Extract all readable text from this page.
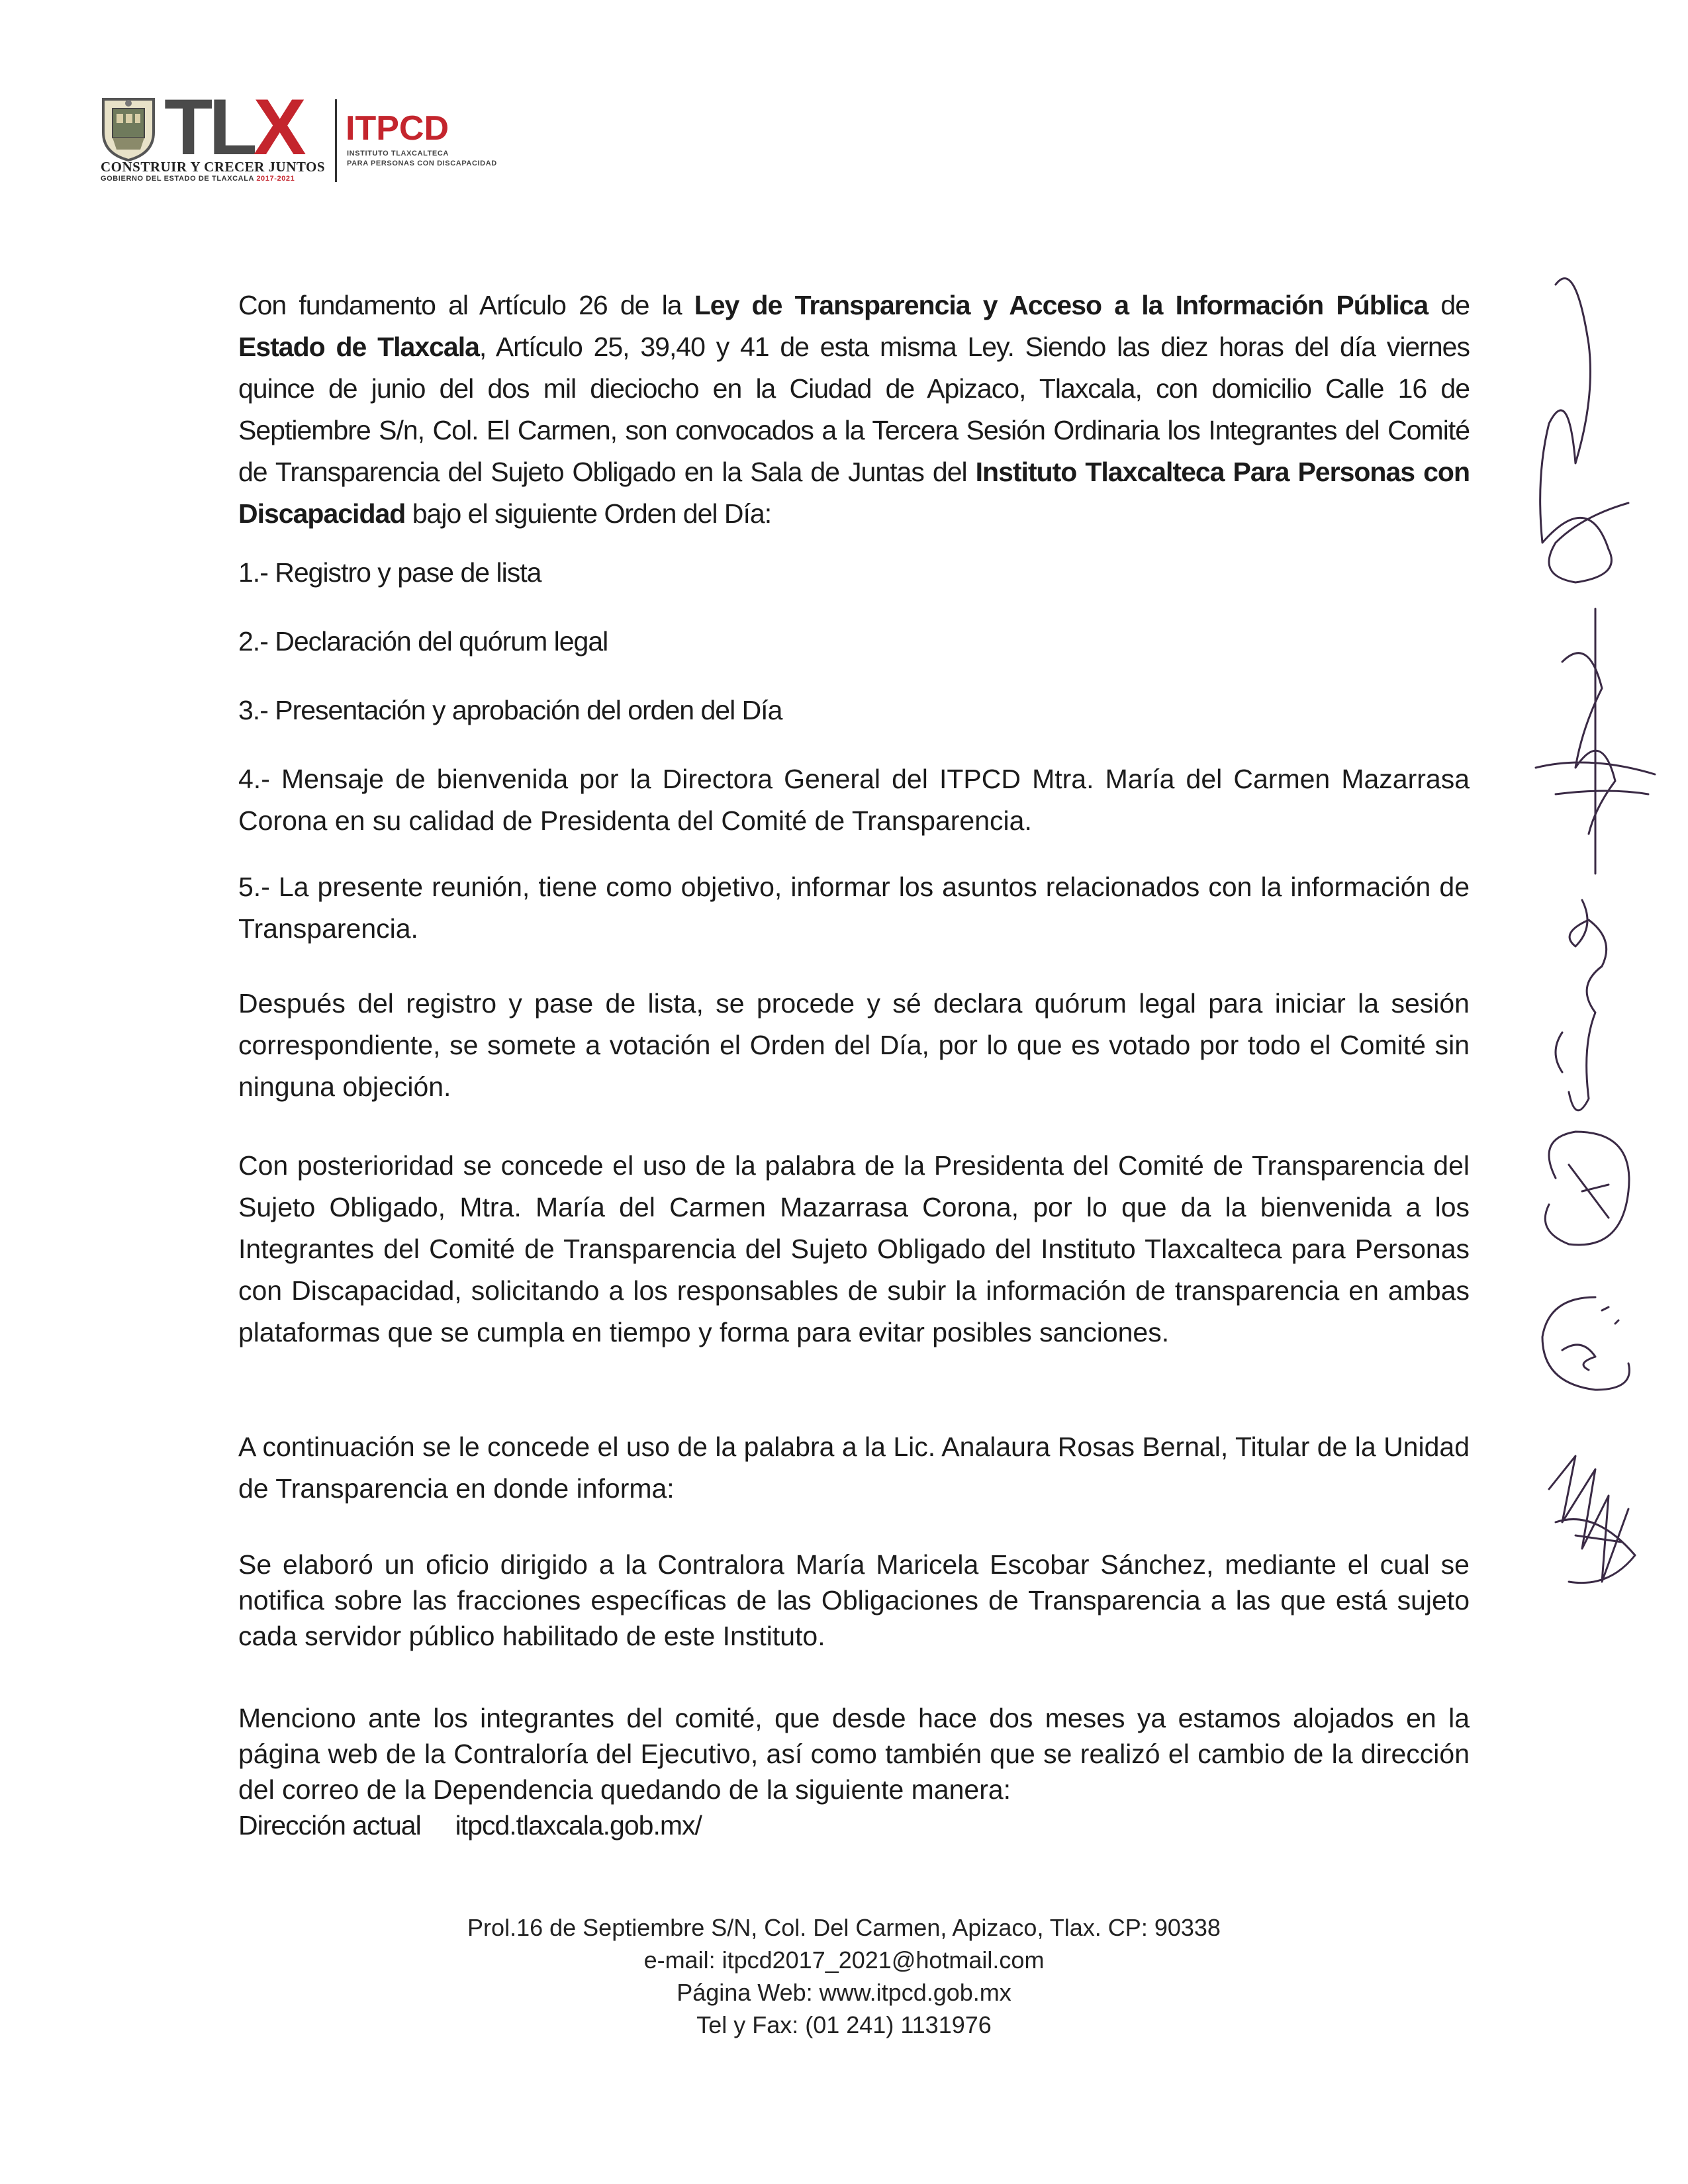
TLX
CONSTRUIR Y CRECER JUNTOS
GOBIERNO DEL ESTADO DE TLAXCALA 2017-2021
ITPCD
INSTITUTO TLAXCALTECA
PARA PERSONAS CON DISCAPACIDAD

Con fundamento al Artículo 26 de la Ley de Transparencia y Acceso a la Información Pública de Estado de Tlaxcala, Artículo 25, 39,40 y 41 de esta misma Ley. Siendo las diez horas del día viernes quince de junio del dos mil dieciocho en la Ciudad de Apizaco, Tlaxcala, con domicilio Calle 16 de Septiembre S/n, Col. El Carmen, son convocados a la Tercera Sesión Ordinaria los Integrantes del Comité de Transparencia del Sujeto Obligado en la Sala de Juntas del Instituto Tlaxcalteca Para Personas con Discapacidad bajo el siguiente Orden del Día:

1.- Registro y pase de lista

2.- Declaración del quórum legal

3.- Presentación y aprobación del orden del Día

4.- Mensaje de bienvenida por la Directora General del ITPCD Mtra. María del Carmen Mazarrasa Corona en su calidad de Presidenta del Comité de Transparencia.

5.- La presente reunión, tiene como objetivo, informar los asuntos relacionados con la información de Transparencia.

Después del registro y pase de lista, se procede y sé declara quórum legal para iniciar la sesión correspondiente, se somete a votación el Orden del Día, por lo que es votado por todo el Comité sin ninguna objeción.

Con posterioridad se concede el uso de la palabra de la Presidenta del Comité de Transparencia del Sujeto Obligado, Mtra. María del Carmen Mazarrasa Corona, por lo que da la bienvenida a los Integrantes del Comité de Transparencia del Sujeto Obligado del Instituto Tlaxcalteca para Personas con Discapacidad, solicitando a los responsables de subir la información de transparencia en ambas plataformas que se cumpla en tiempo y forma para evitar posibles sanciones.

A continuación se le concede el uso de la palabra a la Lic. Analaura Rosas Bernal, Titular de la Unidad de Transparencia en donde informa:

Se elaboró un oficio dirigido a la Contralora María Maricela Escobar Sánchez, mediante el cual se notifica sobre las fracciones específicas de las Obligaciones de Transparencia a las que está sujeto cada servidor público habilitado de este Instituto.

Menciono ante los integrantes del comité, que desde hace dos meses ya estamos alojados en la página web de la Contraloría del Ejecutivo, así como también que se realizó el cambio de la dirección del correo de la Dependencia quedando de la siguiente manera:

Dirección actual itpcd.tlaxcala.gob.mx/

Prol.16 de Septiembre S/N, Col. Del Carmen, Apizaco, Tlax. CP: 90338
e-mail: itpcd2017_2021@hotmail.com
Página Web: www.itpcd.gob.mx
Tel y Fax: (01 241) 1131976
